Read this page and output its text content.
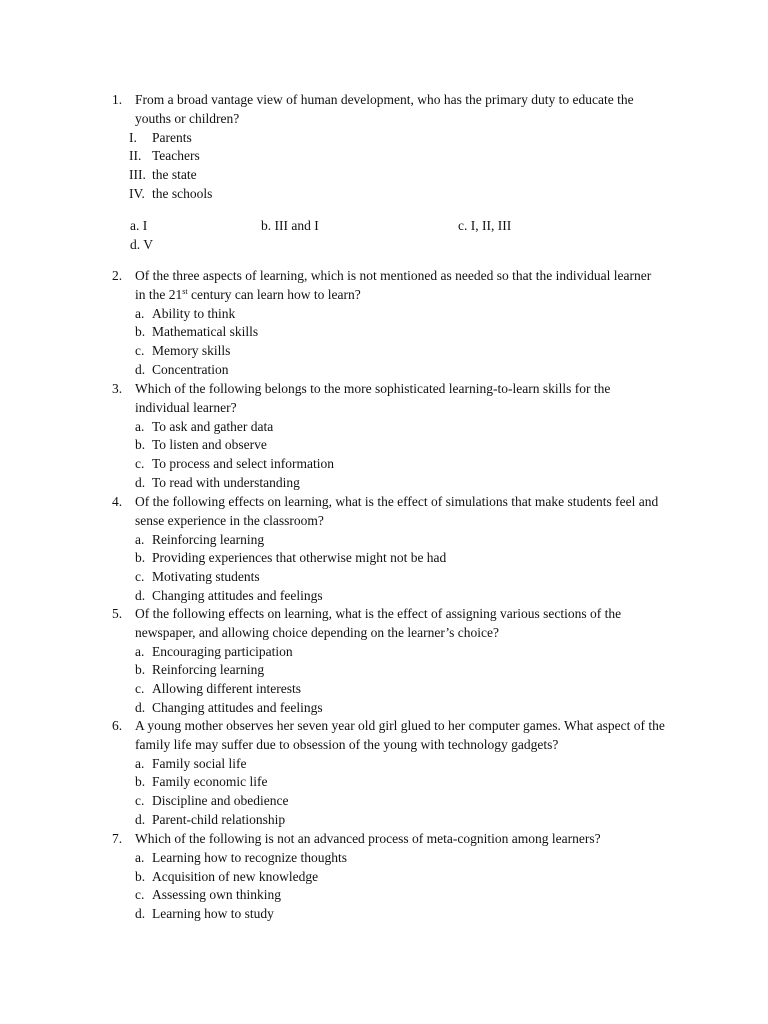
1. From a broad vantage view of human development, who has the primary duty to educate the
youths or children?
I. Parents
II. Teachers
III. the state
IV. the schools
a. I	b. III and I	c. I, II, III
d. V
2. Of the three aspects of learning, which is not mentioned as needed so that the individual learner
in the 21st century can learn how to learn?
a. Ability to think
b. Mathematical skills
c. Memory skills
d. Concentration
3. Which of the following belongs to the more sophisticated learning-to-learn skills for the
individual learner?
a. To ask and gather data
b. To listen and observe
c. To process and select information
d. To read with understanding
4. Of the following effects on learning, what is the effect of simulations that make students feel and
sense experience in the classroom?
a. Reinforcing learning
b. Providing experiences that otherwise might not be had
c. Motivating students
d. Changing attitudes and feelings
5. Of the following effects on learning, what is the effect of assigning various sections of the
newspaper, and allowing choice depending on the learner’s choice?
a. Encouraging participation
b. Reinforcing learning
c. Allowing different interests
d. Changing attitudes and feelings
6. A young mother observes her seven year old girl glued to her computer games. What aspect of the
family life may suffer due to obsession of the young with technology gadgets?
a. Family social life
b. Family economic life
c. Discipline and obedience
d. Parent-child relationship
7. Which of the following is not an advanced process of meta-cognition among learners?
a. Learning how to recognize thoughts
b. Acquisition of new knowledge
c. Assessing own thinking
d. Learning how to study
